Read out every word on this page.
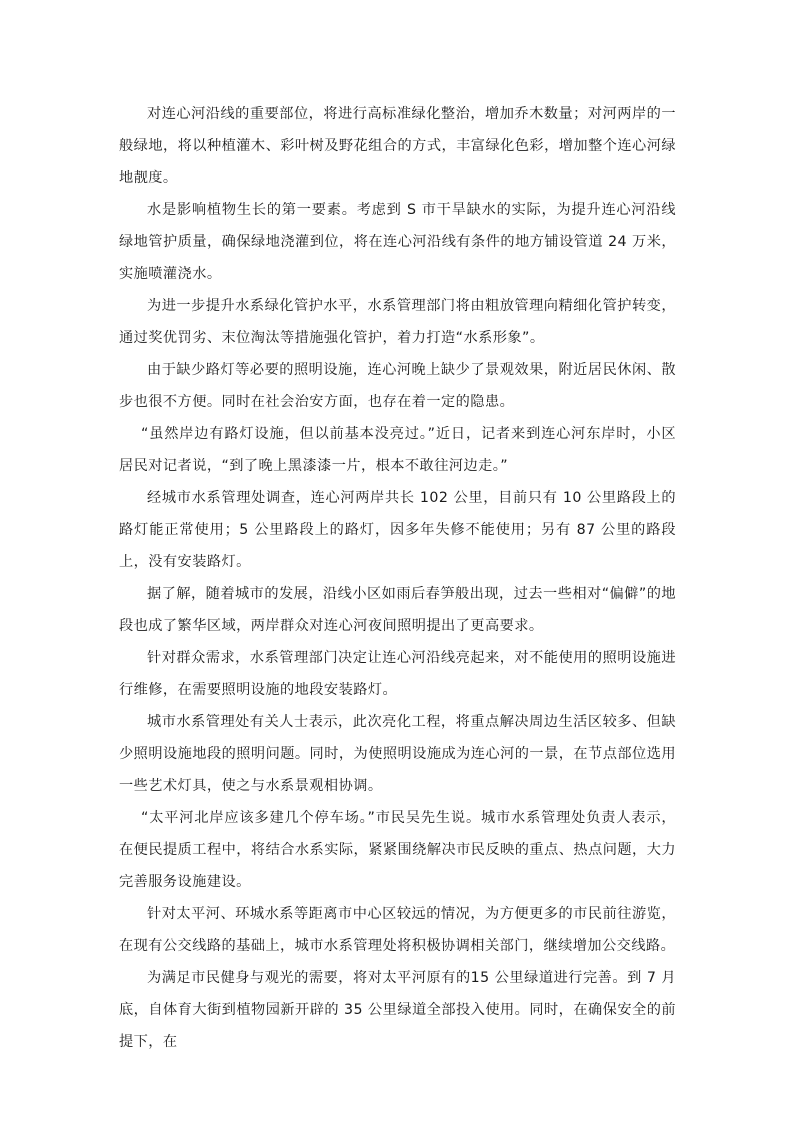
对连心河沿线的重要部位，将进行高标准绿化整治，增加乔木数量；对河两岸的一般绿地，将以种植灌木、彩叶树及野花组合的方式，丰富绿化色彩，增加整个连心河绿地靓度。

水是影响植物生长的第一要素。考虑到 S 市干旱缺水的实际，为提升连心河沿线绿地管护质量，确保绿地浇灌到位，将在连心河沿线有条件的地方铺设管道 24 万米，实施喷灌浇水。

为进一步提升水系绿化管护水平，水系管理部门将由粗放管理向精细化管护转变，通过奖优罚劣、末位淘汰等措施强化管护，着力打造“水系形象”。

由于缺少路灯等必要的照明设施，连心河晚上缺少了景观效果，附近居民休闲、散步也很不方便。同时在社会治安方面，也存在着一定的隐患。

“虽然岸边有路灯设施，但以前基本没亮过。”近日，记者来到连心河东岸时，小区居民对记者说，“到了晚上黑漆漆一片，根本不敢往河边走。”

经城市水系管理处调查，连心河两岸共长 102 公里，目前只有 10 公里路段上的路灯能正常使用；5 公里路段上的路灯，因多年失修不能使用；另有 87 公里的路段上，没有安装路灯。

据了解，随着城市的发展，沿线小区如雨后春笋般出现，过去一些相对“偏僻”的地段也成了繁华区域，两岸群众对连心河夜间照明提出了更高要求。

针对群众需求，水系管理部门决定让连心河沿线亮起来，对不能使用的照明设施进行维修，在需要照明设施的地段安装路灯。

城市水系管理处有关人士表示，此次亮化工程，将重点解决周边生活区较多、但缺少照明设施地段的照明问题。同时，为使照明设施成为连心河的一景，在节点部位选用一些艺术灯具，使之与水系景观相协调。

“太平河北岸应该多建几个停车场。”市民吴先生说。城市水系管理处负责人表示，在便民提质工程中，将结合水系实际，紧紧围绕解决市民反映的重点、热点问题，大力完善服务设施建设。

针对太平河、环城水系等距离市中心区较远的情况，为方便更多的市民前往游览，在现有公交线路的基础上，城市水系管理处将积极协调相关部门，继续增加公交线路。

为满足市民健身与观光的需要，将对太平河原有的15 公里绿道进行完善。到 7 月底，自体育大街到植物园新开辟的 35 公里绿道全部投入使用。同时，在确保安全的前提下，在
